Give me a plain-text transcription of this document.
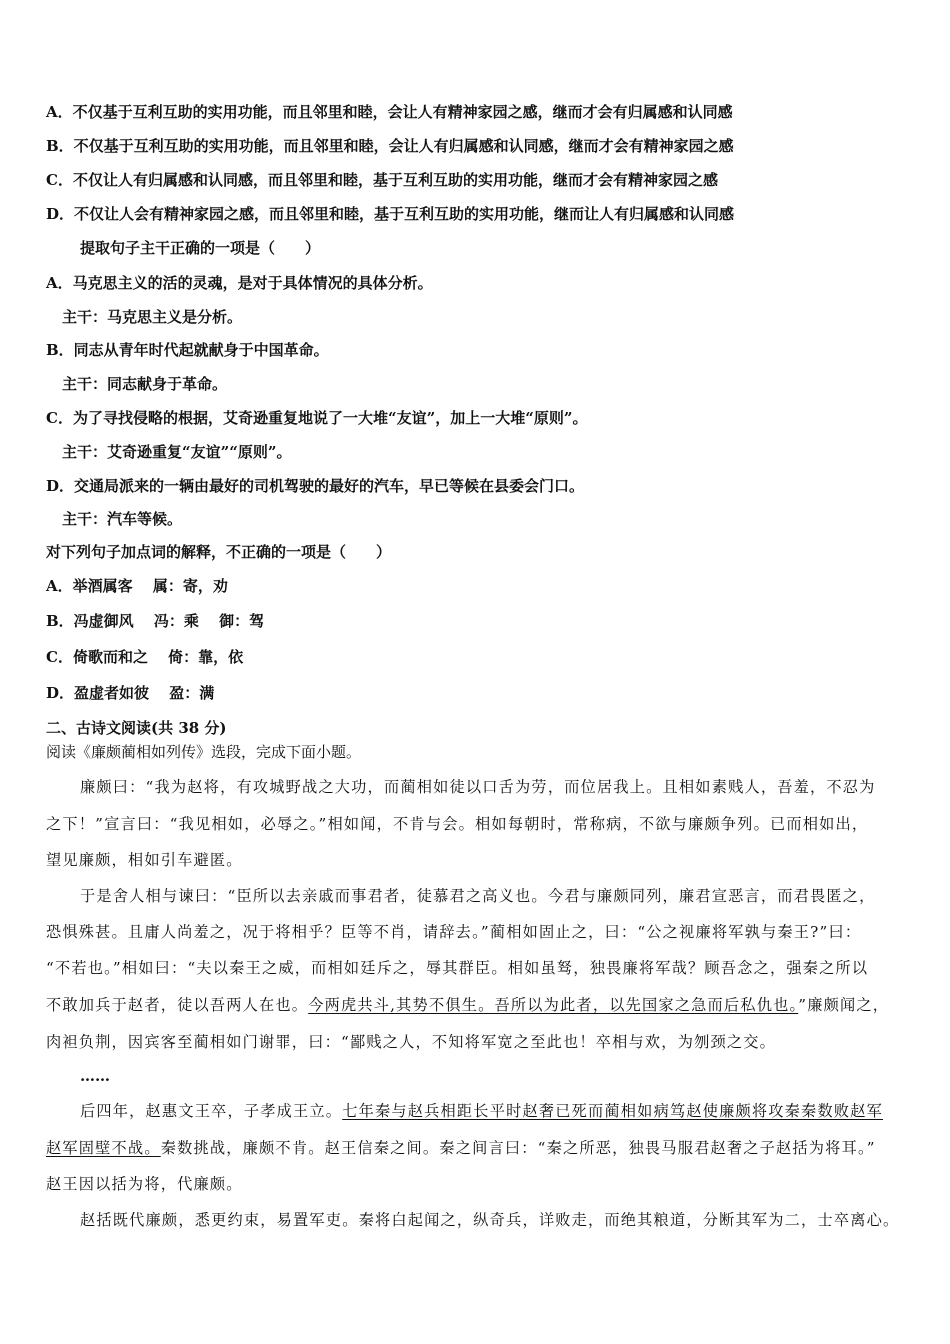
A．不仅基于互利互助的实用功能，而且邻里和睦，会让人有精神家园之感，继而才会有归属感和认同感
B．不仅基于互利互助的实用功能，而且邻里和睦，会让人有归属感和认同感，继而才会有精神家园之感
C．不仅让人有归属感和认同感，而且邻里和睦，基于互利互助的实用功能，继而才会有精神家园之感
D．不仅让人会有精神家园之感，而且邻里和睦，基于互利互助的实用功能，继而让人有归属感和认同感
提取句子主干正确的一项是（　　）
A．马克思主义的活的灵魂，是对于具体情况的具体分析。
主干：马克思主义是分析。
B．同志从青年时代起就献身于中国革命。
主干：同志献身于革命。
C．为了寻找侵略的根据，艾奇逊重复地说了一大堆“友谊”，加上一大堆“原则”。
主干：艾奇逊重复“友谊”“原则”。
D．交通局派来的一辆由最好的司机驾驶的最好的汽车，早已等候在县委会门口。
主干：汽车等候。
对下列句子加点词的解释，不正确的一项是（　　）
A．举酒属客　 属：寄，劝
B．冯虚御风　 冯：乘　 御：驾
C．倚歌而和之　 倚：靠，依
D．盈虚者如彼　 盈：满
二、古诗文阅读(共 38 分)
阅读《廉颇蔺相如列传》选段，完成下面小题。
廉颇曰：“我为赵将，有攻城野战之大功，而蔺相如徒以口舌为劳，而位居我上。且相如素贱人，吾羞，不忍为
之下！”宣言曰：“我见相如，必辱之。”相如闻，不肯与会。相如每朝时，常称病，不欲与廉颇争列。已而相如出，
望见廉颇，相如引车避匿。
于是舍人相与谏曰：“臣所以去亲戚而事君者，徒慕君之高义也。今君与廉颇同列，廉君宣恶言，而君畏匿之，
恐惧殊甚。且庸人尚羞之，况于将相乎？臣等不肖，请辞去。”蔺相如固止之，曰：“公之视廉将军孰与秦王?”曰：
“不若也。”相如曰：“夫以秦王之威，而相如廷斥之，辱其群臣。相如虽驽，独畏廉将军哉？顾吾念之，强秦之所以
不敢加兵于赵者，徒以吾两人在也。今两虎共斗,其势不俱生。吾所以为此者，以先国家之急而后私仇也。”廉颇闻之，
肉袒负荆，因宾客至蔺相如门谢罪，曰：“鄙贱之人，不知将军宽之至此也！卒相与欢，为刎颈之交。
……
后四年，赵惠文王卒，子孝成王立。七年秦与赵兵相距长平时赵奢已死而蔺相如病笃赵使廉颇将攻秦秦数败赵军
赵军固壁不战。秦数挑战，廉颇不肯。赵王信秦之间。秦之间言曰：“秦之所恶，独畏马服君赵奢之子赵括为将耳。”
赵王因以括为将，代廉颇。
赵括既代廉颇，悉更约束，易置军吏。秦将白起闻之，纵奇兵，详败走，而绝其粮道，分断其军为二，士卒离心。
